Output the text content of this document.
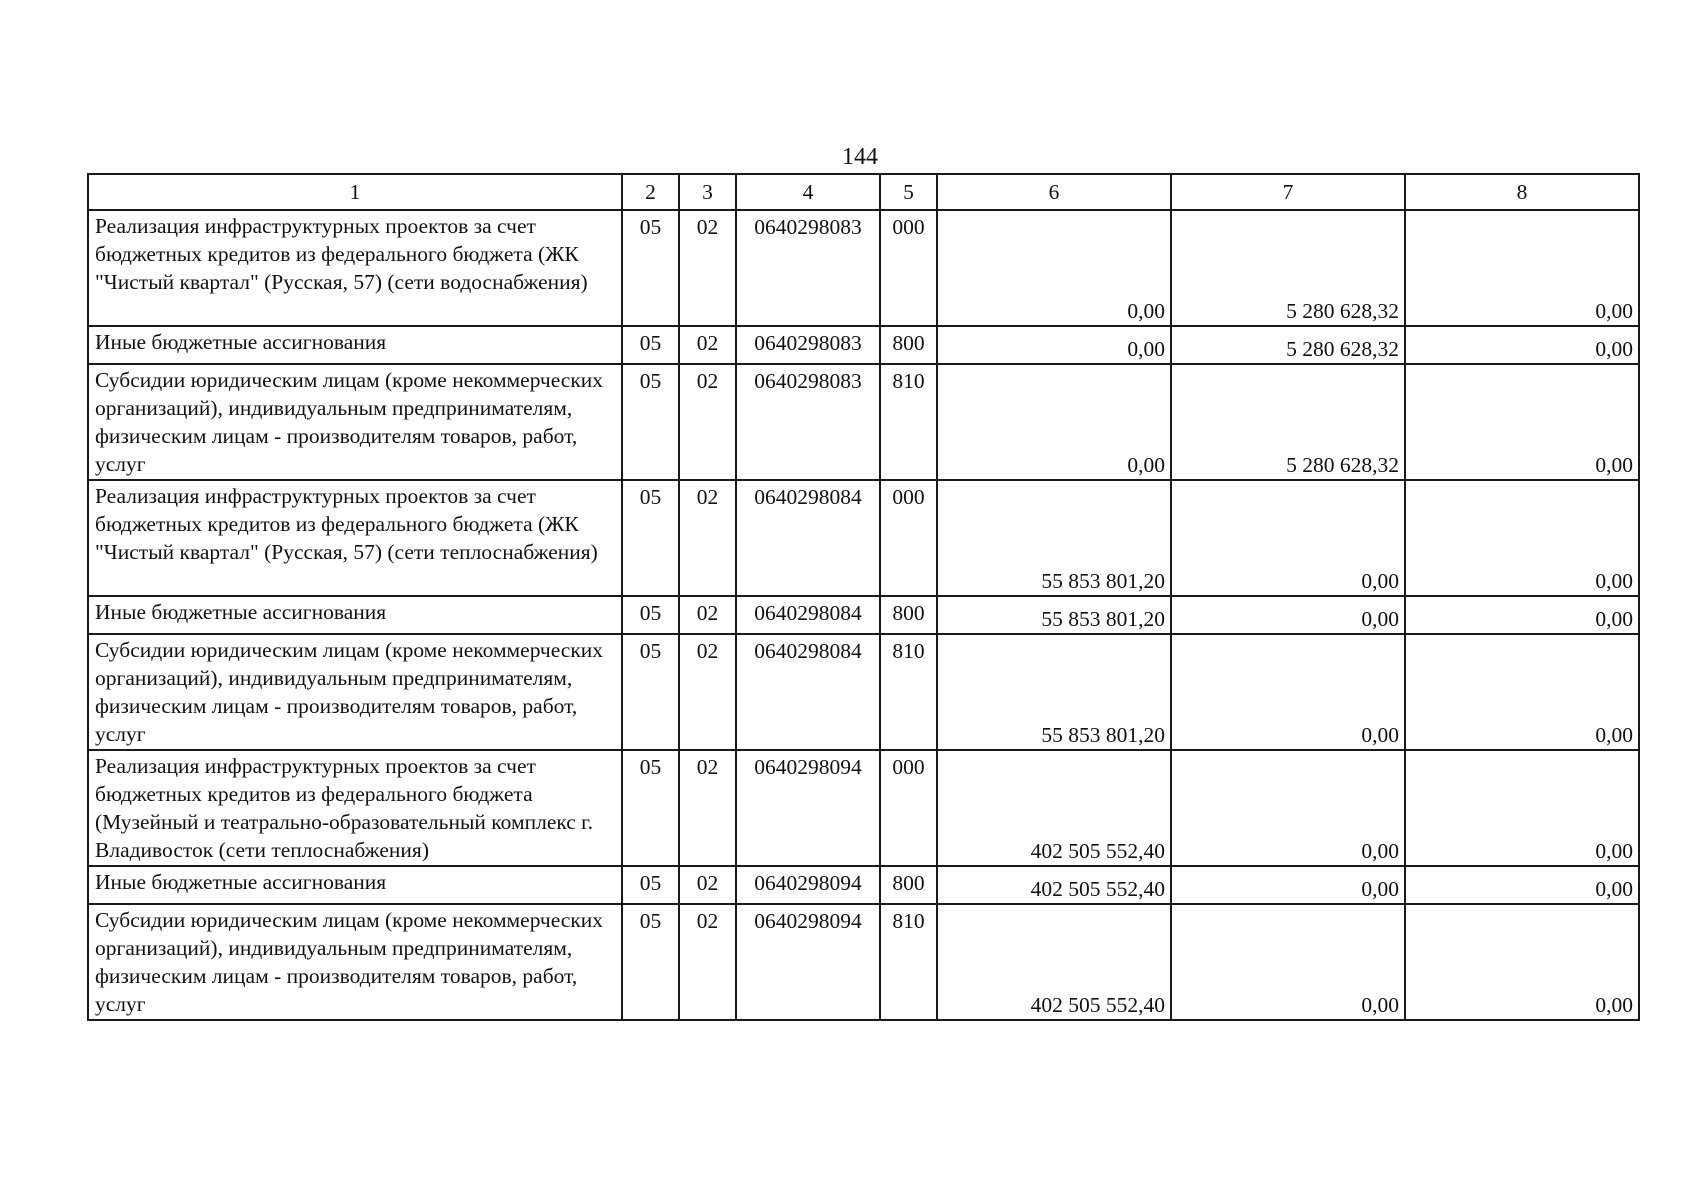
144
1	2	3	4	5	6	7	8
Реализация инфраструктурных проектов за счет бюджетных кредитов из федерального бюджета (ЖК "Чистый квартал" (Русская, 57) (сети водоснабжения)	05	02	0640298083	000	0,00	5 280 628,32	0,00
Иные бюджетные ассигнования	05	02	0640298083	800	0,00	5 280 628,32	0,00
Субсидии юридическим лицам (кроме некоммерческих организаций), индивидуальным предпринимателям, физическим лицам - производителям товаров, работ, услуг	05	02	0640298083	810	0,00	5 280 628,32	0,00
Реализация инфраструктурных проектов за счет бюджетных кредитов из федерального бюджета (ЖК "Чистый квартал" (Русская, 57) (сети теплоснабжения)	05	02	0640298084	000	55 853 801,20	0,00	0,00
Иные бюджетные ассигнования	05	02	0640298084	800	55 853 801,20	0,00	0,00
Субсидии юридическим лицам (кроме некоммерческих организаций), индивидуальным предпринимателям, физическим лицам - производителям товаров, работ, услуг	05	02	0640298084	810	55 853 801,20	0,00	0,00
Реализация инфраструктурных проектов за счет бюджетных кредитов из федерального бюджета (Музейный и театрально-образовательный комплекс г. Владивосток (сети теплоснабжения)	05	02	0640298094	000	402 505 552,40	0,00	0,00
Иные бюджетные ассигнования	05	02	0640298094	800	402 505 552,40	0,00	0,00
Субсидии юридическим лицам (кроме некоммерческих организаций), индивидуальным предпринимателям, физическим лицам - производителям товаров, работ, услуг	05	02	0640298094	810	402 505 552,40	0,00	0,00
